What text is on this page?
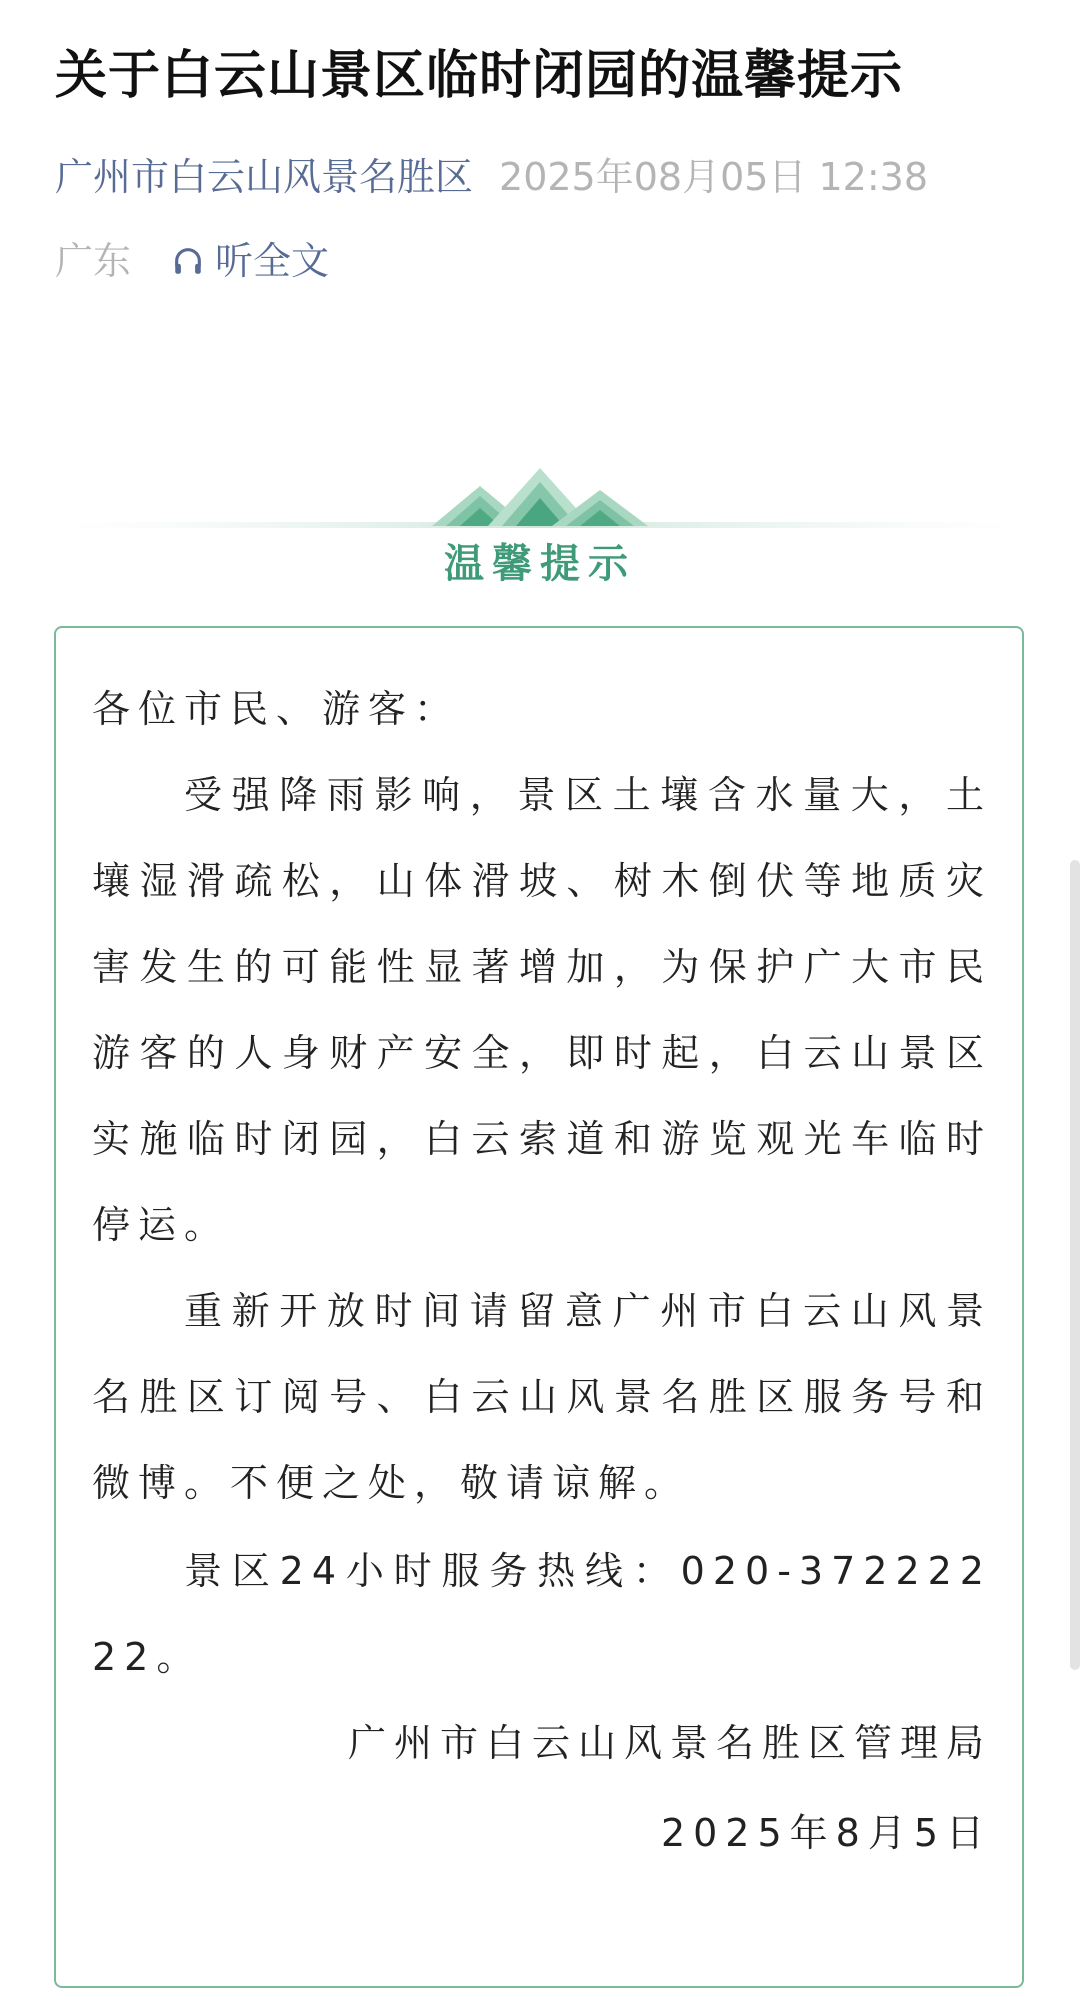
关于白云山景区临时闭园的温馨提示
广州市白云山风景名胜区 2025年08月05日 12:38
广东 听全文
温馨提示

各位市民、游客：

受强降雨影响，景区土壤含水量大，土壤湿滑疏松，山体滑坡、树木倒伏等地质灾害发生的可能性显著增加，为保护广大市民游客的人身财产安全，即时起，白云山景区实施临时闭园，白云索道和游览观光车临时停运。

重新开放时间请留意广州市白云山风景名胜区订阅号、白云山风景名胜区服务号和微博。不便之处，敬请谅解。

景区24小时服务热线：020-37222222。

广州市白云山风景名胜区管理局

2025年8月5日
